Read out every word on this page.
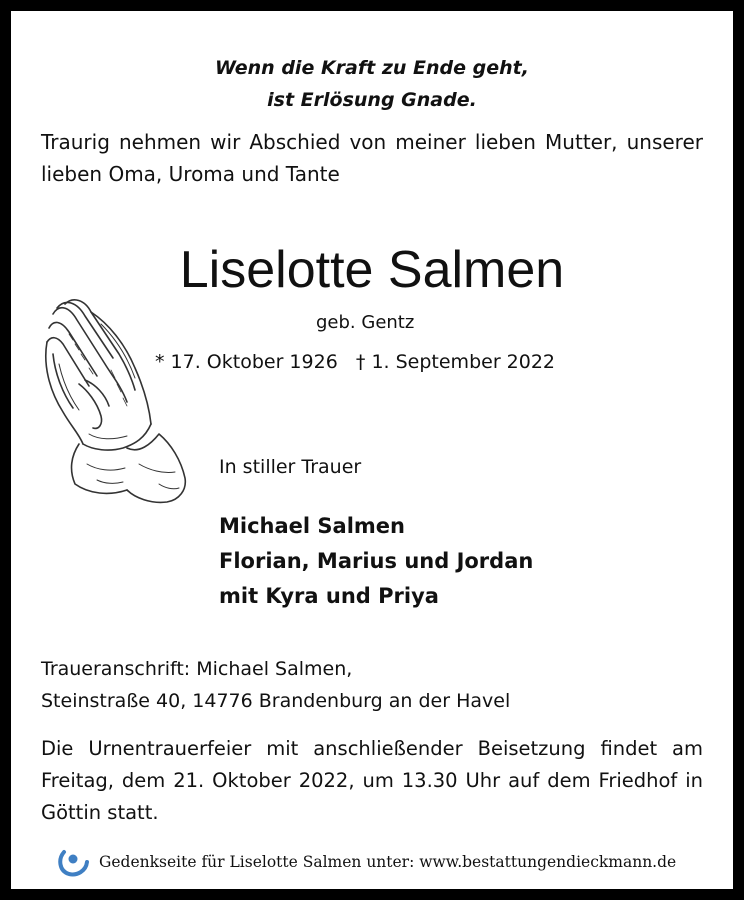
Wenn die Kraft zu Ende geht,
ist Erlösung Gnade.
Traurig nehmen wir Abschied von meiner lieben Mutter, unserer lieben Oma, Uroma und Tante
Liselotte Salmen
geb. Gentz
* 17. Oktober 1926   † 1. September 2022
In stiller Trauer
Michael Salmen
Florian, Marius und Jordan
mit Kyra und Priya
Traueranschrift: Michael Salmen,
Steinstraße 40, 14776 Brandenburg an der Havel
Die Urnentrauerfeier mit anschließender Beisetzung findet am Freitag, dem 21. Oktober 2022, um 13.30 Uhr auf dem Friedhof in Göttin statt.
Gedenkseite für Liselotte Salmen unter: www.bestattungendieckmann.de
